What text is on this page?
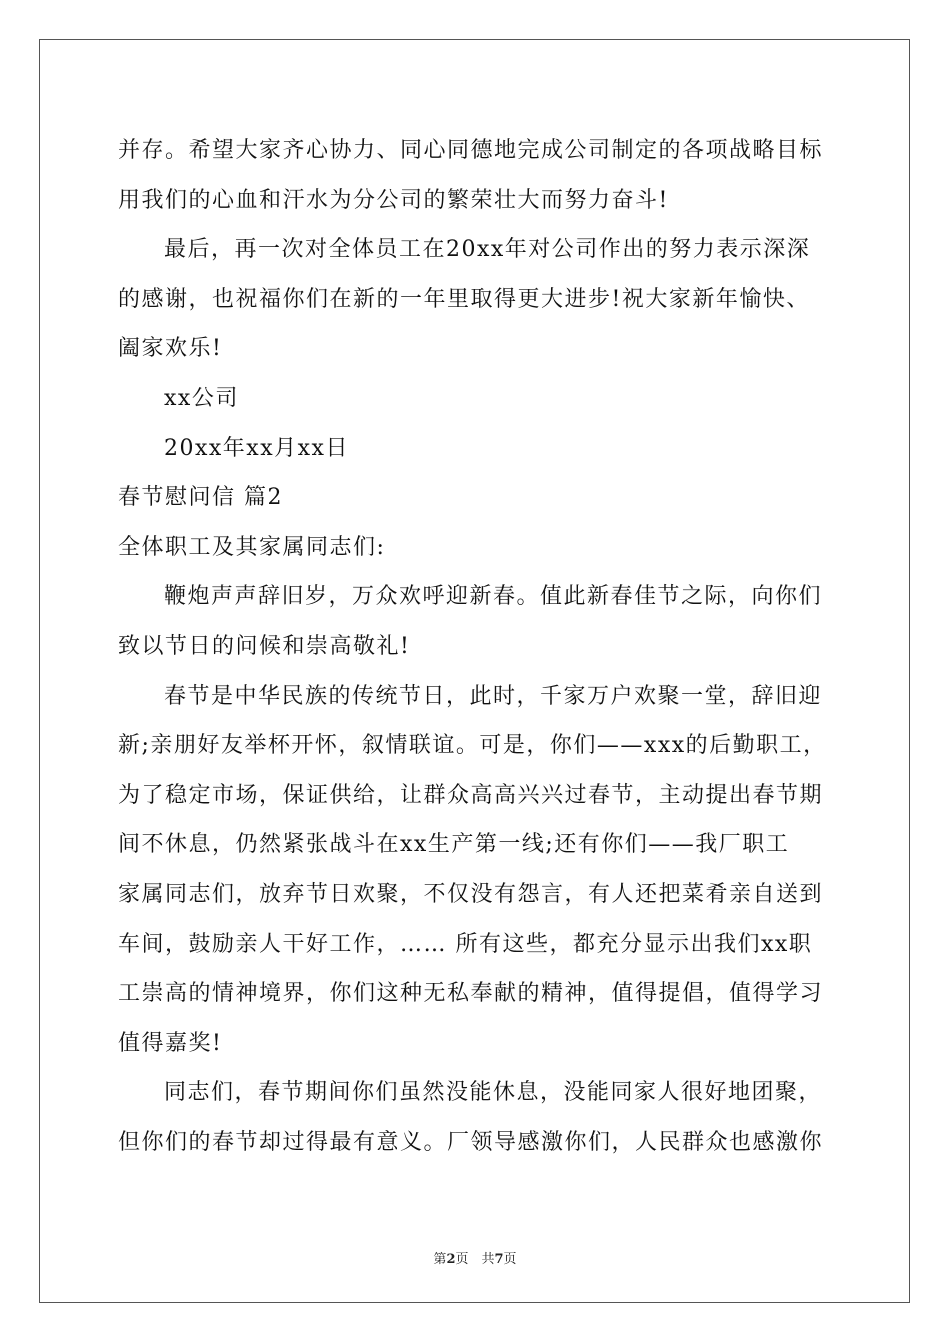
并存。希望大家齐心协力、同心同德地完成公司制定的各项战略目标
用我们的心血和汗水为分公司的繁荣壮大而努力奋斗!
最后，再一次对全体员工在20xx年对公司作出的努力表示深深
的感谢，也祝福你们在新的一年里取得更大进步!祝大家新年愉快、
阖家欢乐!
xx公司
20xx年xx月xx日
春节慰问信 篇2
全体职工及其家属同志们:
鞭炮声声辞旧岁，万众欢呼迎新春。值此新春佳节之际，向你们
致以节日的问候和崇高敬礼!
春节是中华民族的传统节日，此时，千家万户欢聚一堂，辞旧迎
新;亲朋好友举杯开怀，叙情联谊。可是，你们——xxx的后勤职工，
为了稳定市场，保证供给，让群众高高兴兴过春节，主动提出春节期
间不休息，仍然紧张战斗在xx生产第一线;还有你们——我厂职工
家属同志们，放弃节日欢聚，不仅没有怨言，有人还把菜肴亲自送到
车间，鼓励亲人干好工作，…… 所有这些，都充分显示出我们xx职
工崇高的情神境界，你们这种无私奉献的精神，值得提倡，值得学习
值得嘉奖!
同志们，春节期间你们虽然没能休息，没能同家人很好地团聚，
但你们的春节却过得最有意义。厂领导感激你们，人民群众也感激你
第2页　共7页
